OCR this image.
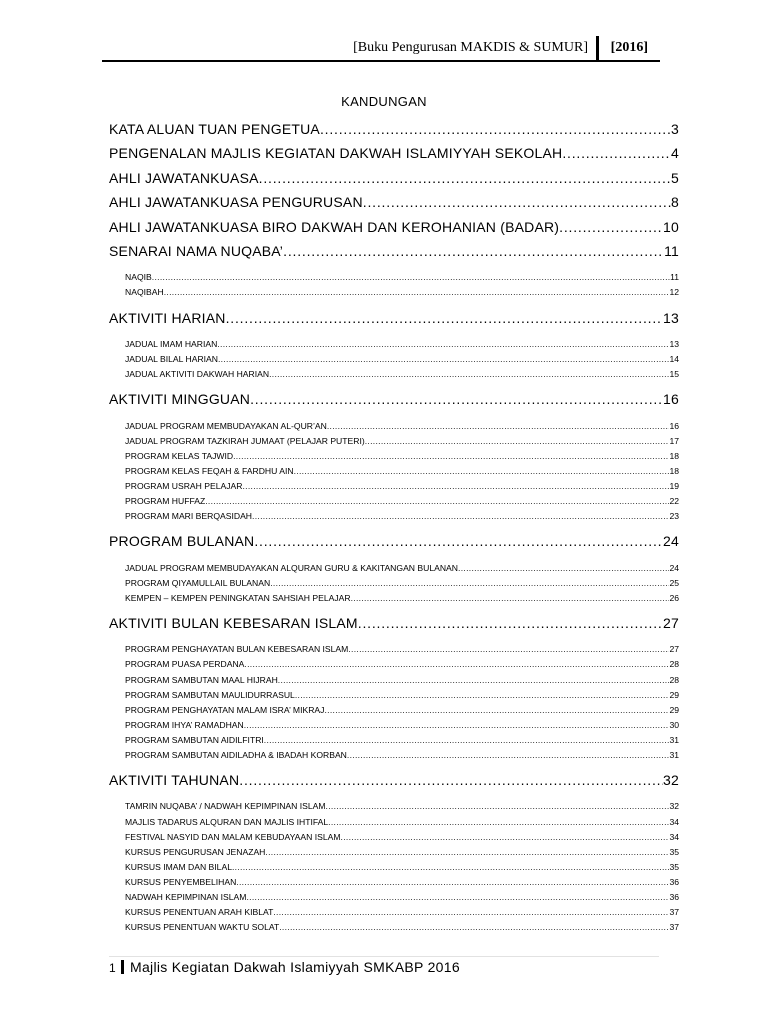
[Buku Pengurusan MAKDIS & SUMUR] [2016]
KANDUNGAN
KATA ALUAN TUAN PENGETUA .....	3
PENGENALAN MAJLIS KEGIATAN DAKWAH ISLAMIYYAH SEKOLAH .....	4
AHLI JAWATANKUASA .....	5
AHLI JAWATANKUASA PENGURUSAN .....	8
AHLI JAWATANKUASA BIRO DAKWAH DAN KEROHANIAN (BADAR) .....	10
SENARAI NAMA NUQABA’ .....	11
NAQIB .....	11
NAQIBAH .....	12
AKTIVITI HARIAN .....	13
JADUAL IMAM HARIAN .....	13
JADUAL BILAL HARIAN .....	14
JADUAL AKTIVITI DAKWAH HARIAN .....	15
AKTIVITI MINGGUAN .....	16
JADUAL PROGRAM MEMBUDAYAKAN AL-QUR’AN .....	16
JADUAL PROGRAM TAZKIRAH JUMAAT (PELAJAR PUTERI) .....	17
PROGRAM KELAS TAJWID .....	18
PROGRAM KELAS FEQAH & FARDHU AIN .....	18
PROGRAM USRAH PELAJAR .....	19
PROGRAM HUFFAZ .....	22
PROGRAM MARI BERQASIDAH .....	23
PROGRAM BULANAN .....	24
JADUAL PROGRAM MEMBUDAYAKAN ALQURAN GURU & KAKITANGAN BULANAN .....	24
PROGRAM QIYAMULLAIL BULANAN .....	25
KEMPEN – KEMPEN PENINGKATAN SAHSIAH PELAJAR .....	26
AKTIVITI BULAN KEBESARAN ISLAM .....	27
PROGRAM PENGHAYATAN BULAN KEBESARAN ISLAM .....	27
PROGRAM PUASA PERDANA .....	28
PROGRAM SAMBUTAN MAAL HIJRAH .....	28
PROGRAM SAMBUTAN MAULIDURRASUL .....	29
PROGRAM PENGHAYATAN MALAM ISRA’ MIKRAJ .....	29
PROGRAM IHYA’ RAMADHAN .....	30
PROGRAM SAMBUTAN AIDILFITRI .....	31
PROGRAM SAMBUTAN AIDILADHA & IBADAH KORBAN .....	31
AKTIVITI TAHUNAN .....	32
TAMRIN NUQABA’ / NADWAH KEPIMPINAN ISLAM .....	32
MAJLIS TADARUS ALQURAN DAN MAJLIS IHTIFAL .....	34
FESTIVAL NASYID DAN MALAM KEBUDAYAAN ISLAM .....	34
KURSUS PENGURUSAN JENAZAH .....	35
KURSUS IMAM DAN BILAL .....	35
KURSUS PENYEMBELIHAN .....	36
NADWAH KEPIMPINAN ISLAM .....	36
KURSUS PENENTUAN ARAH KIBLAT .....	37
KURSUS PENENTUAN WAKTU SOLAT .....	37
1 Majlis Kegiatan Dakwah Islamiyyah SMKABP 2016
